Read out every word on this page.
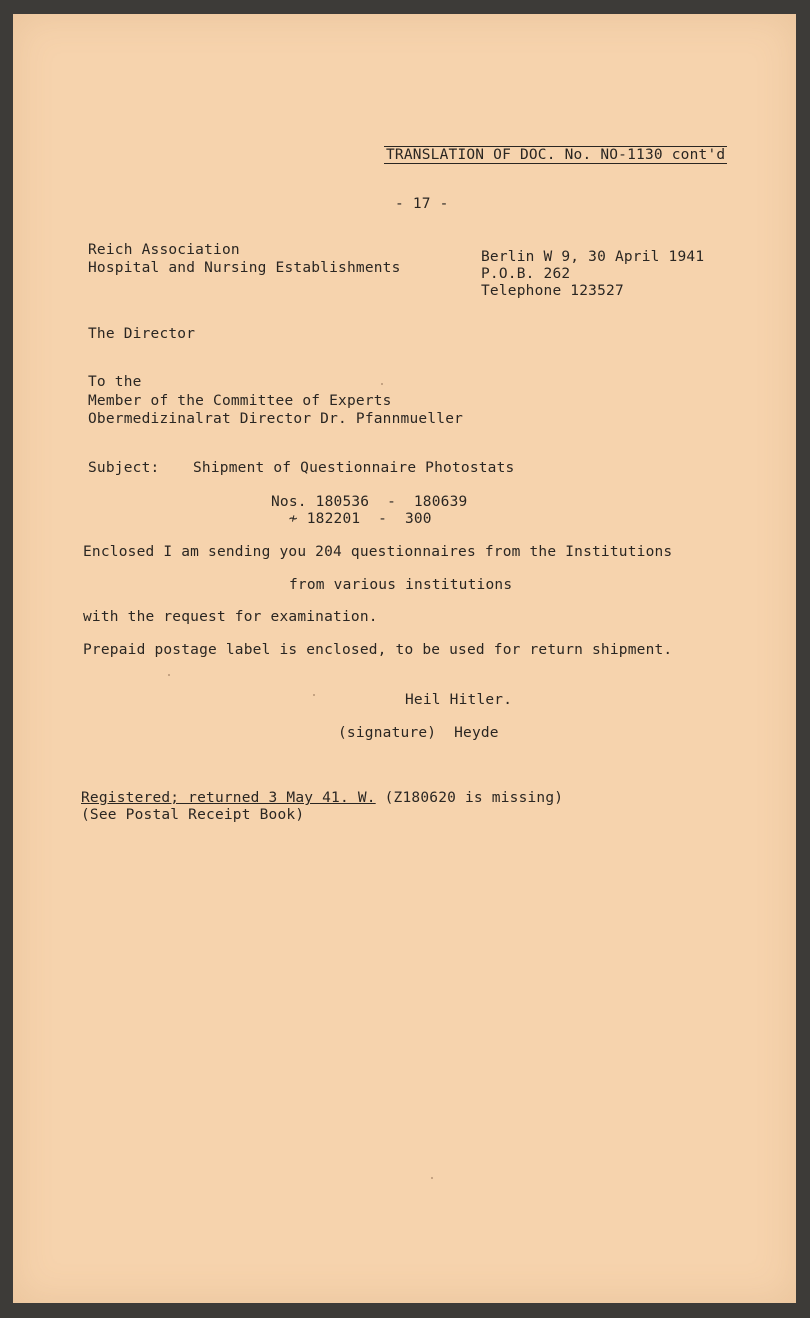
TRANSLATION OF DOC. No. NO-1130 cont'd
- 17 -
Reich Association
Hospital and Nursing Establishments
Berlin W 9, 30 April 1941
P.O.B. 262
Telephone 123527
The Director
To the
Member of the Committee of Experts
Obermedizinalrat Director Dr. Pfannmueller
Subject: Shipment of Questionnaire Photostats
Nos. 180536  -  180639
≁ 182201  -  300
Enclosed I am sending you 204 questionnaires from the Institutions
from various institutions
with the request for examination.
Prepaid postage label is enclosed, to be used for return shipment.
Heil Hitler.
(signature)  Heyde
Registered; returned 3 May 41. W. (Z180620 is missing)
(See Postal Receipt Book)
